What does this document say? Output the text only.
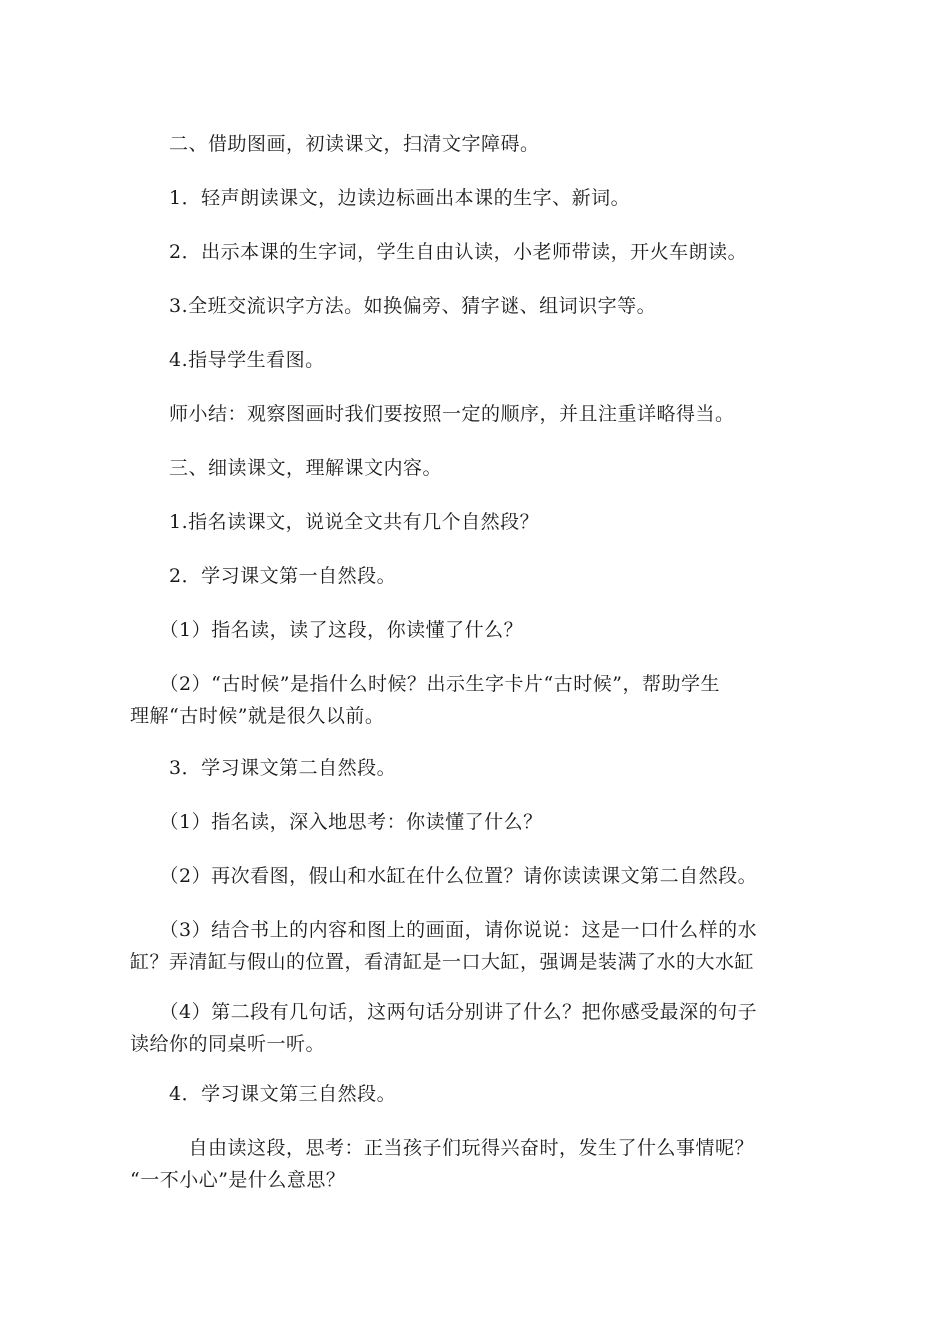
　　二、借助图画，初读课文，扫清文字障碍。
　　1．轻声朗读课文，边读边标画出本课的生字、新词。
　　2．出示本课的生字词，学生自由认读，小老师带读，开火车朗读。
　　3.全班交流识字方法。如换偏旁、猜字谜、组词识字等。
　　4.指导学生看图。
　　师小结：观察图画时我们要按照一定的顺序，并且注重详略得当。
　　三、细读课文，理解课文内容。
　　1.指名读课文，说说全文共有几个自然段？
　　2．学习课文第一自然段。
　　（1）指名读，读了这段，你读懂了什么？
　　（2）“古时候”是指什么时候？出示生字卡片“古时候”，帮助学生
理解“古时候”就是很久以前。
　　3．学习课文第二自然段。
　　（1）指名读，深入地思考：你读懂了什么？
　　（2）再次看图，假山和水缸在什么位置？请你读读课文第二自然段。
　　（3）结合书上的内容和图上的画面，请你说说：这是一口什么样的水
缸？弄清缸与假山的位置，看清缸是一口大缸，强调是装满了水的大水缸
　　（4）第二段有几句话，这两句话分别讲了什么？把你感受最深的句子
读给你的同桌听一听。
　　4．学习课文第三自然段。
　　　自由读这段，思考：正当孩子们玩得兴奋时，发生了什么事情呢？
“一不小心”是什么意思？
